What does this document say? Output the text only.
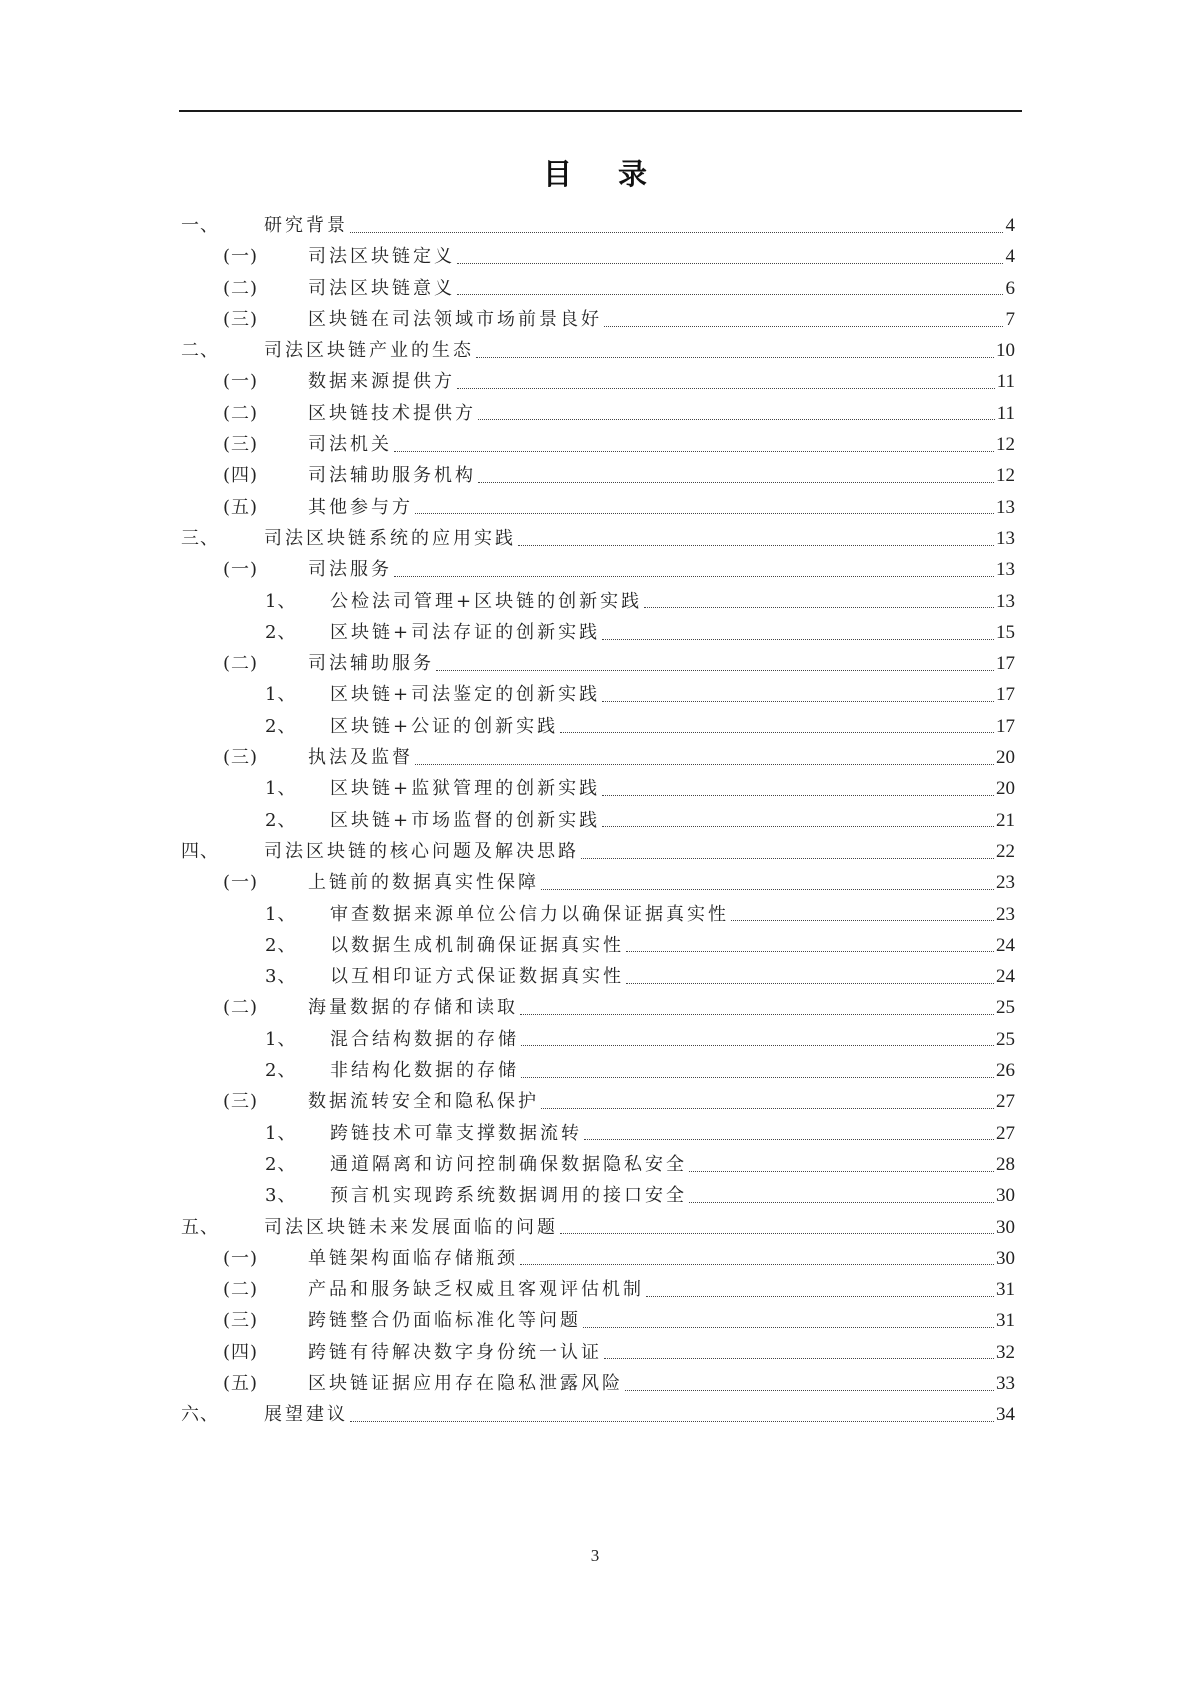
目 录
一、	研究背景	4
(一)	司法区块链定义	4
(二)	司法区块链意义	6
(三)	区块链在司法领域市场前景良好	7
二、	司法区块链产业的生态	10
(一)	数据来源提供方	11
(二)	区块链技术提供方	11
(三)	司法机关	12
(四)	司法辅助服务机构	12
(五)	其他参与方	13
三、	司法区块链系统的应用实践	13
(一)	司法服务	13
1、	公检法司管理+区块链的创新实践	13
2、	区块链+司法存证的创新实践	15
(二)	司法辅助服务	17
1、	区块链+司法鉴定的创新实践	17
2、	区块链+公证的创新实践	17
(三)	执法及监督	20
1、	区块链+监狱管理的创新实践	20
2、	区块链+市场监督的创新实践	21
四、	司法区块链的核心问题及解决思路	22
(一)	上链前的数据真实性保障	23
1、	审查数据来源单位公信力以确保证据真实性	23
2、	以数据生成机制确保证据真实性	24
3、	以互相印证方式保证数据真实性	24
(二)	海量数据的存储和读取	25
1、	混合结构数据的存储	25
2、	非结构化数据的存储	26
(三)	数据流转安全和隐私保护	27
1、	跨链技术可靠支撑数据流转	27
2、	通道隔离和访问控制确保数据隐私安全	28
3、	预言机实现跨系统数据调用的接口安全	30
五、	司法区块链未来发展面临的问题	30
(一)	单链架构面临存储瓶颈	30
(二)	产品和服务缺乏权威且客观评估机制	31
(三)	跨链整合仍面临标准化等问题	31
(四)	跨链有待解决数字身份统一认证	32
(五)	区块链证据应用存在隐私泄露风险	33
六、	展望建议	34
3
